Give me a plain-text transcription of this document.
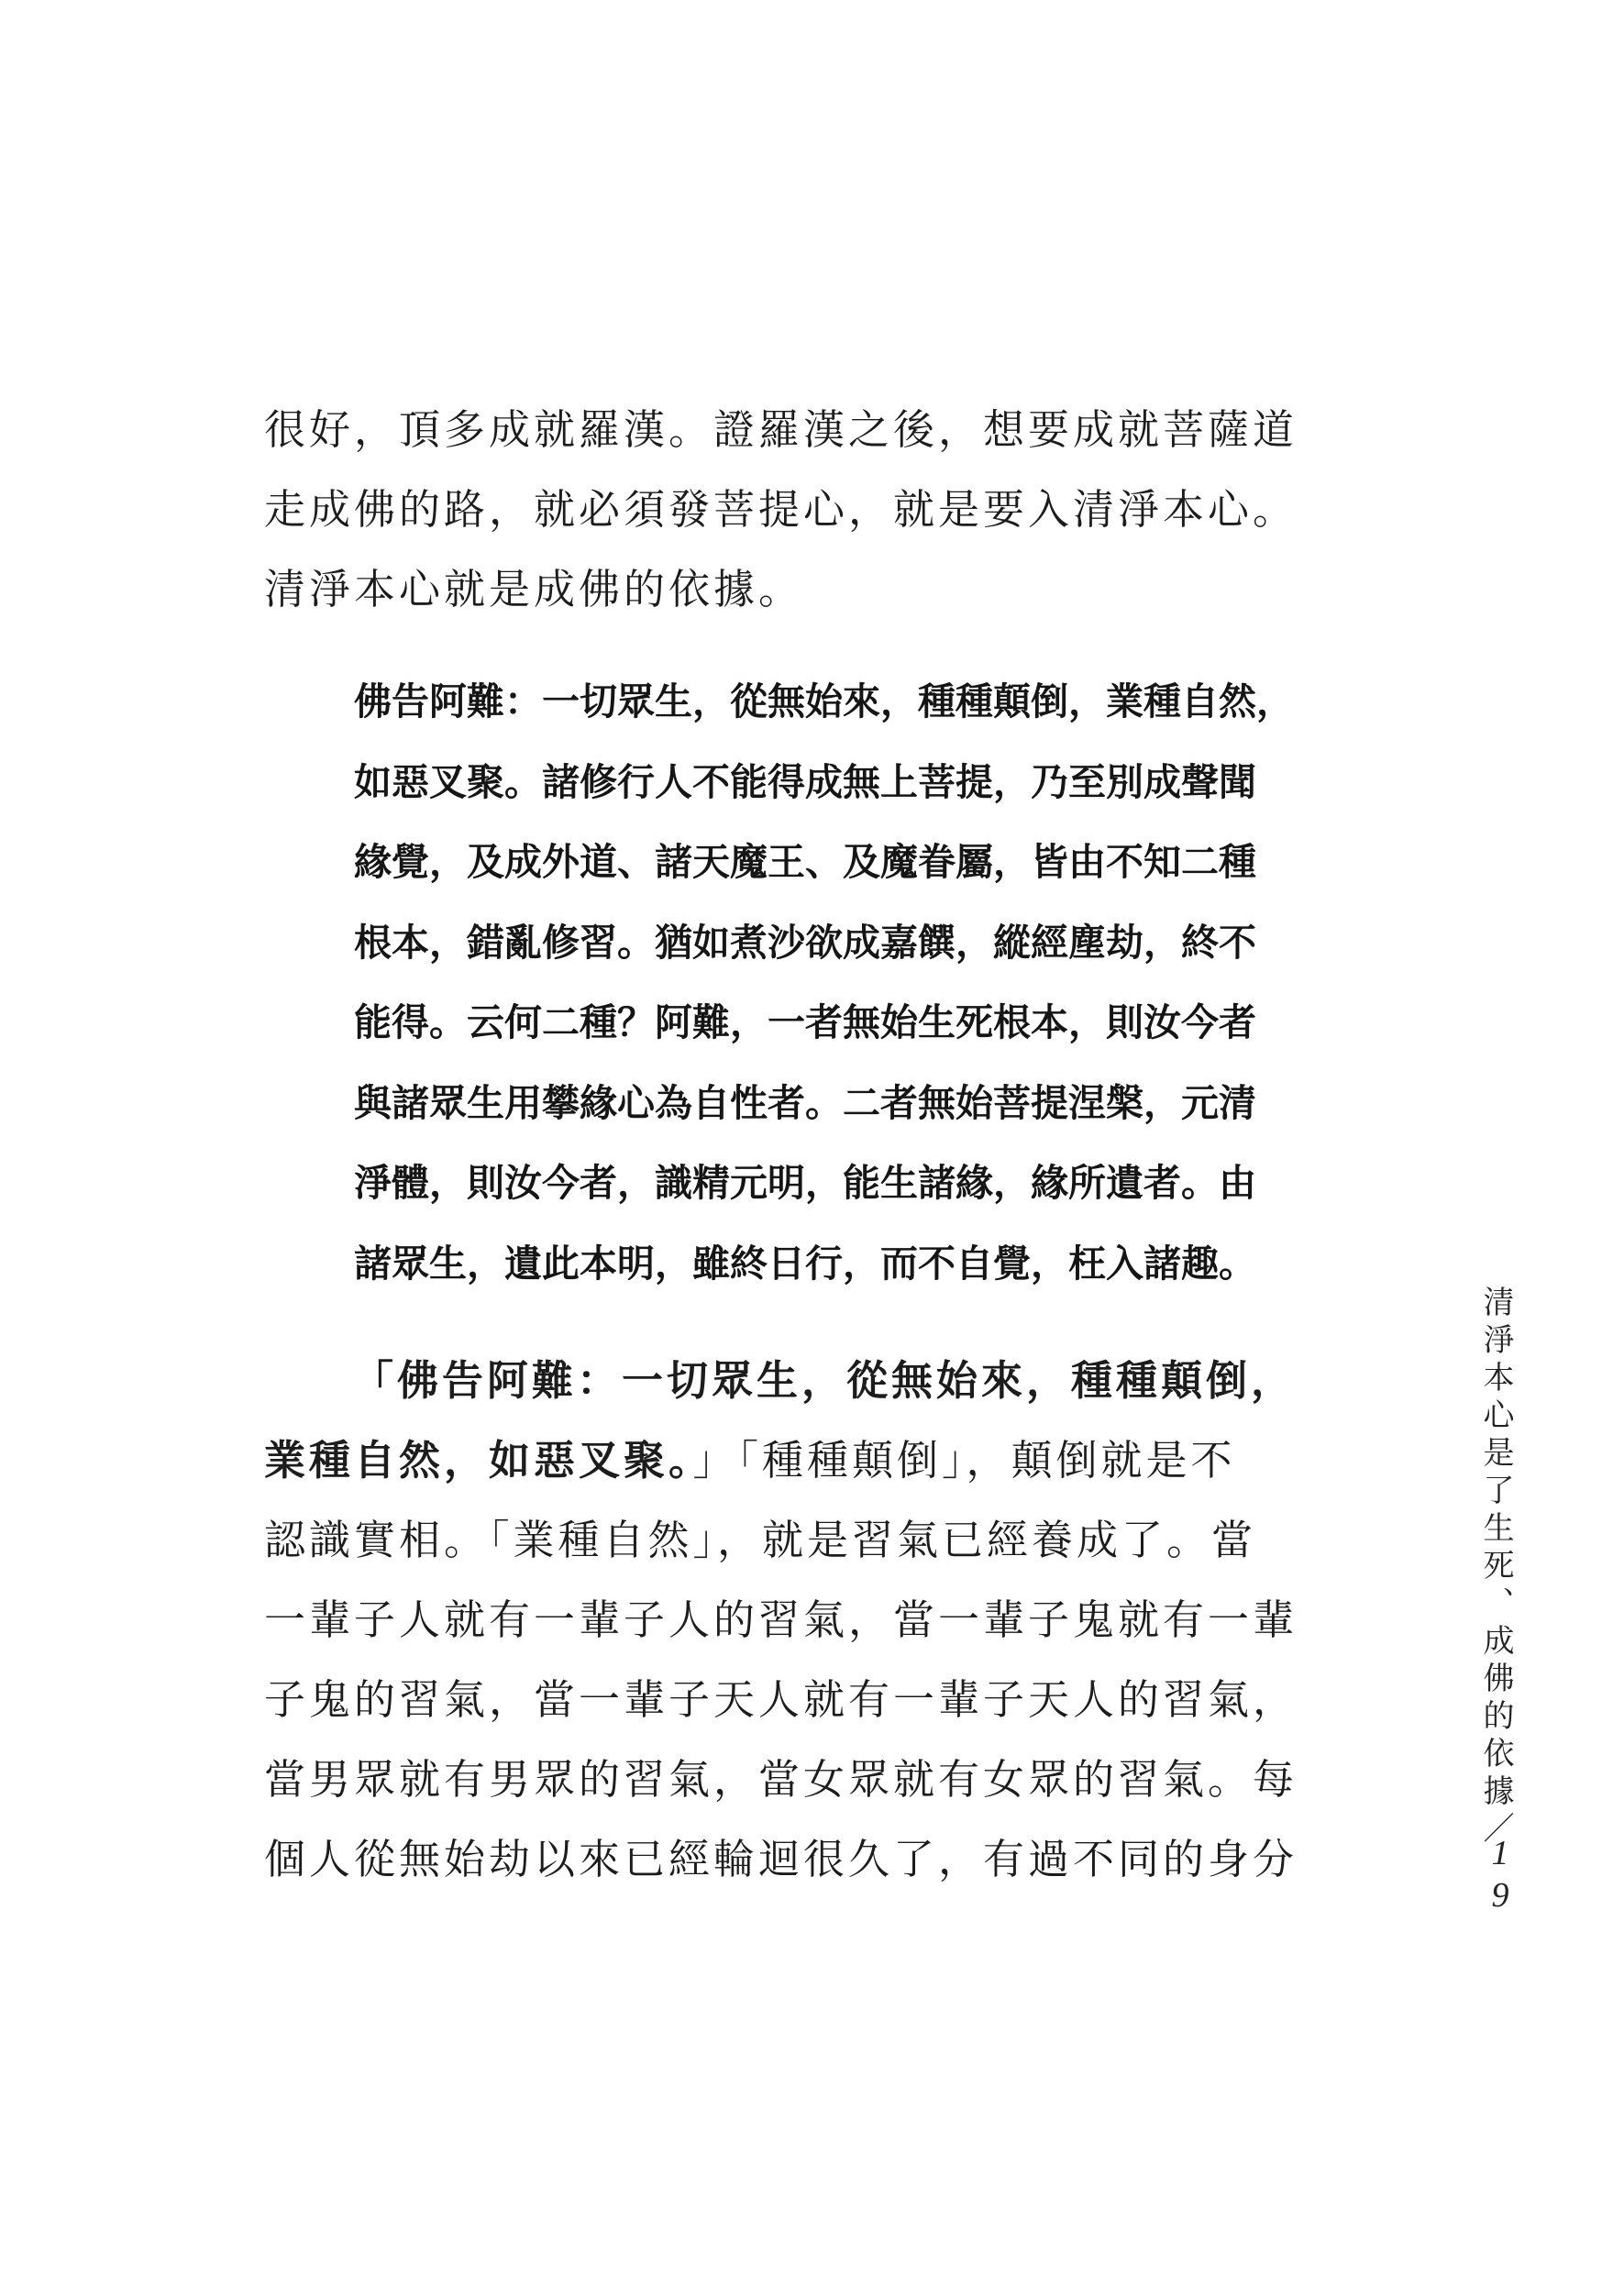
很好，頂多成就羅漢。證羅漢之後，想要成就菩薩道
走成佛的路，就必須發菩提心，就是要入清淨本心。
清淨本心就是成佛的依據。
佛告阿難：一切眾生，從無始來，種種顛倒，業種自然，
如惡叉聚。諸修行人不能得成無上菩提，乃至別成聲聞
緣覺，及成外道、諸天魔王、及魔眷屬，皆由不知二種
根本，錯亂修習。猶如煮沙欲成嘉饌，縱經塵劫，終不
能得。云何二種？阿難，一者無始生死根本，則汝今者
與諸眾生用攀緣心為自性者。二者無始菩提涅槃，元清
淨體，則汝今者，識精元明，能生諸緣，緣所遺者。由
諸眾生，遺此本明，雖終日行，而不自覺，枉入諸趣。
「佛告阿難：一切眾生，從無始來，種種顛倒，
業種自然，如惡叉聚。」「種種顛倒」，顛倒就是不
認識實相。「業種自然」，就是習氣已經養成了。當
一輩子人就有一輩子人的習氣，當一輩子鬼就有一輩
子鬼的習氣，當一輩子天人就有一輩子天人的習氣，
當男眾就有男眾的習氣，當女眾就有女眾的習氣。每
個人從無始劫以來已經輪迴很久了，有過不同的身分
清淨本心是了生死、成佛的依據／
19
